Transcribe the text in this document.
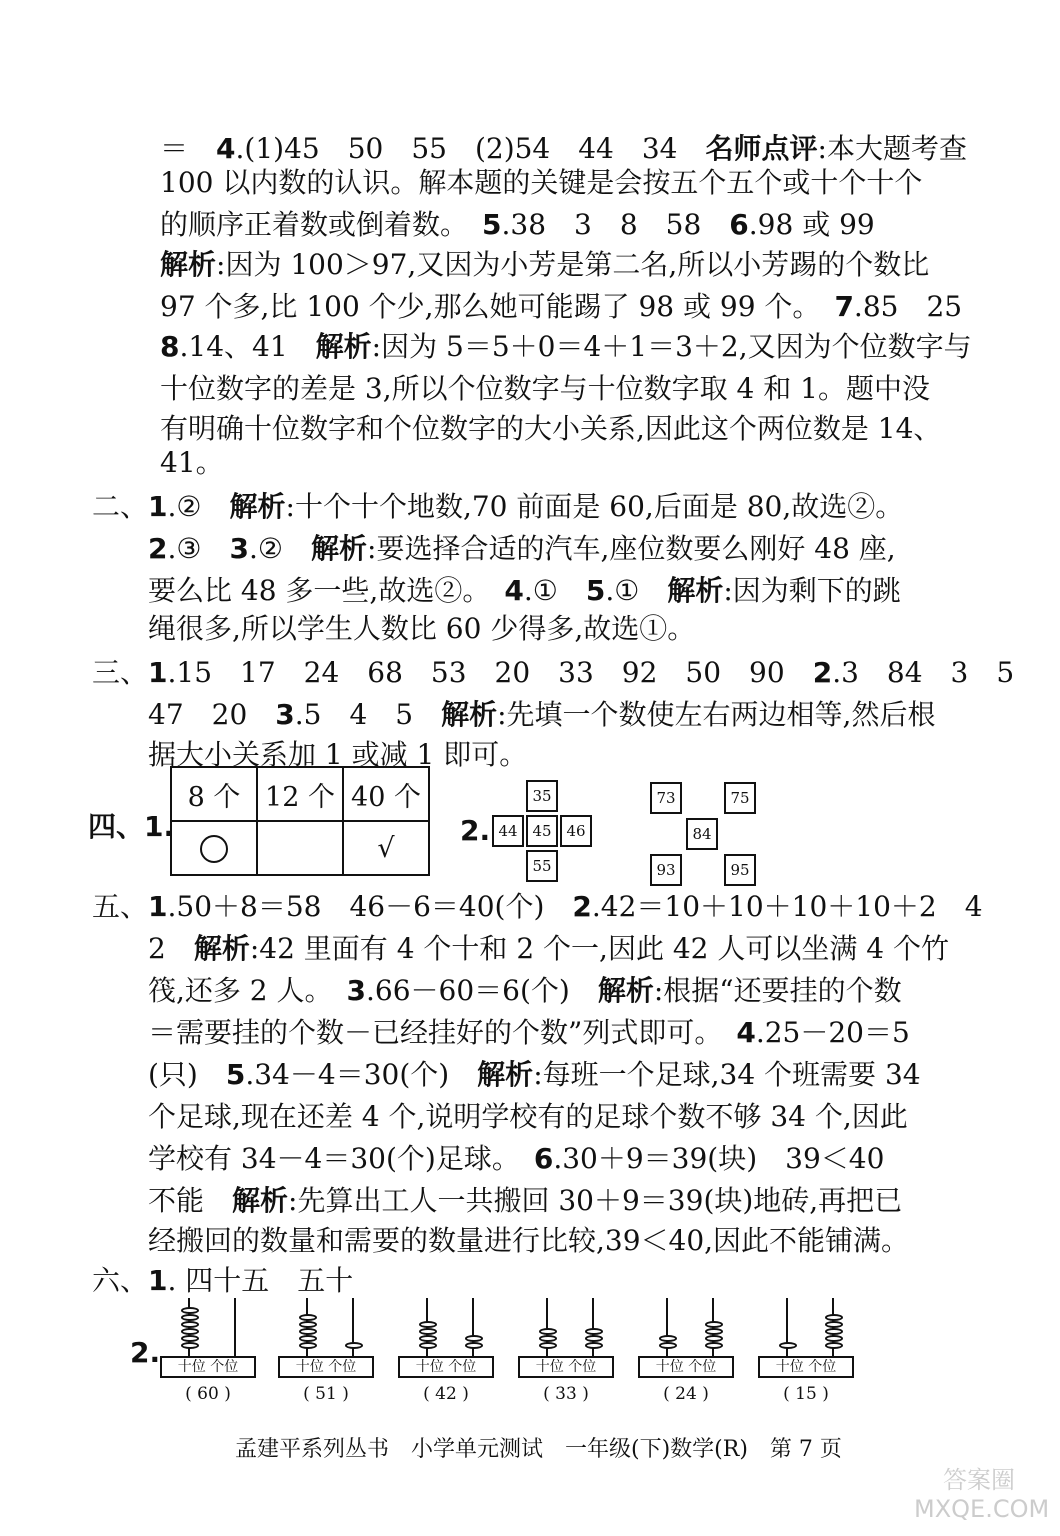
＝　4.(1)45　50　55　(2)54　44　34　名师点评:本大题考查
100 以内数的认识。解本题的关键是会按五个五个或十个十个
的顺序正着数或倒着数。　5.38　3　8　58　6.98 或 99
解析:因为 100＞97,又因为小芳是第二名,所以小芳踢的个数比
97 个多,比 100 个少,那么她可能踢了 98 或 99 个。　7.85　25
8.14、41　解析:因为 5＝5＋0＝4＋1＝3＋2,又因为个位数字与
十位数字的差是 3,所以个位数字与十位数字取 4 和 1。题中没
有明确十位数字和个位数字的大小关系,因此这个两位数是 14、
41。
二、1.②　解析:十个十个地数,70 前面是 60,后面是 80,故选②。
2.③　3.②　解析:要选择合适的汽车,座位数要么刚好 48 座,
要么比 48 多一些,故选②。　4.①　5.①　解析:因为剩下的跳
绳很多,所以学生人数比 60 少得多,故选①。
三、1.15　17　24　68　53　20　33　92　50　90　2.3　84　3　5
47　20　3.5　4　5　解析:先填一个数使左右两边相等,然后根
据大小关系加 1 或减 1 即可。
五、1.50＋8＝58　46－6＝40(个)　2.42＝10＋10＋10＋10＋2　4
2　解析:42 里面有 4 个十和 2 个一,因此 42 人可以坐满 4 个竹
筏,还多 2 人。　3.66－60＝6(个)　解析:根据“还要挂的个数
＝需要挂的个数－已经挂好的个数”列式即可。　4.25－20＝5
(只)　5.34－4＝30(个)　解析:每班一个足球,34 个班需要 34
个足球,现在还差 4 个,说明学校有的足球个数不够 34 个,因此
学校有 34－4＝30(个)足球。　6.30＋9＝39(块)　39＜40
不能　解析:先算出工人一共搬回 30＋9＝39(块)地砖,再把已
经搬回的数量和需要的数量进行比较,39＜40,因此不能铺满。
六、1. 四十五　五十
四、1.
8 个	12 个	40 个
		√
2.
35
44 45 46
55
73	75
84
93	95
2.	十位 个位
( 60 )
十位 个位
( 51 )
十位 个位
( 42 )
十位 个位
( 33 )
十位 个位
( 24 )
十位 个位
( 15 )
孟建平系列丛书　小学单元测试　一年级(下)数学(R)　第 7 页
答案圈 MXQE.COM
